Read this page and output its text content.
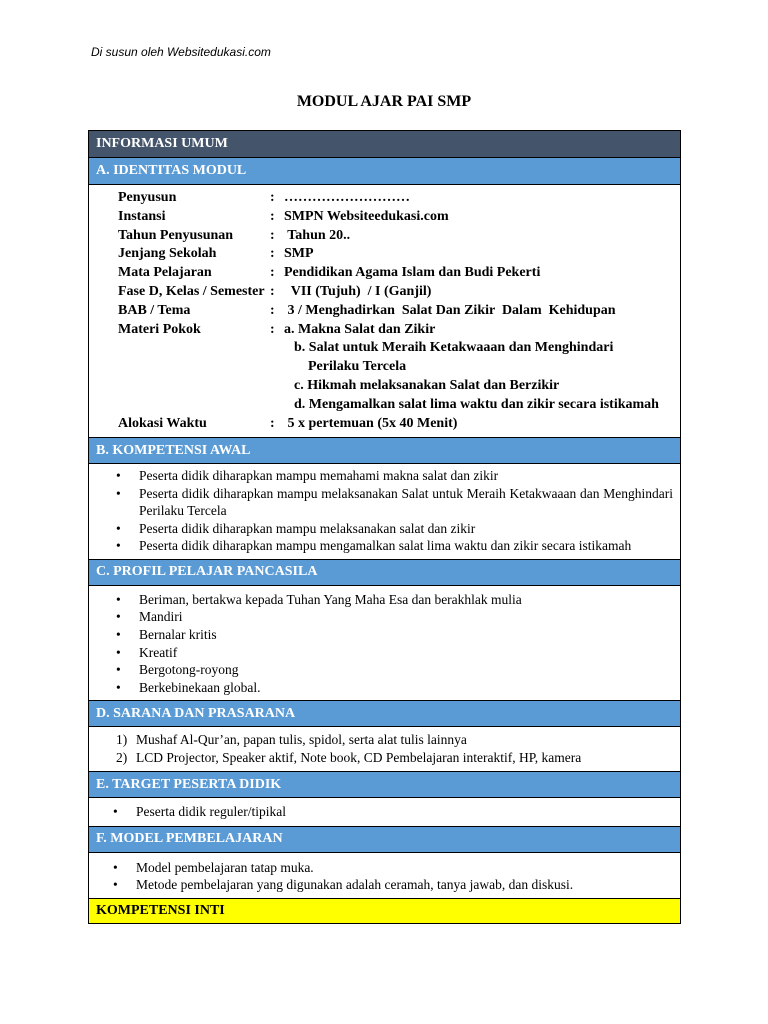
Di susun oleh Websitedukasi.com
MODUL AJAR PAI SMP
INFORMASI UMUM
A. IDENTITAS MODUL
Penyusun	: ………………………
Instansi	: SMPN Websiteedukasi.com
Tahun Penyusunan	: Tahun 20..
Jenjang Sekolah	: SMP
Mata Pelajaran	: Pendidikan Agama Islam dan Budi Pekerti
Fase D, Kelas / Semester : VII (Tujuh)  / I (Ganjil)
BAB / Tema	: 3 / Menghadirkan  Salat Dan Zikir  Dalam  Kehidupan
Materi Pokok	: a. Makna Salat dan Zikir
b. Salat untuk Meraih Ketakwaaan dan Menghindari
Perilaku Tercela
c. Hikmah melaksanakan Salat dan Berzikir
d. Mengamalkan salat lima waktu dan zikir secara istikamah
Alokasi Waktu	: 5 x pertemuan (5x 40 Menit)
B. KOMPETENSI AWAL
• Peserta didik diharapkan mampu memahami makna salat dan zikir
• Peserta didik diharapkan mampu melaksanakan Salat untuk Meraih Ketakwaaan dan Menghindari Perilaku Tercela
• Peserta didik diharapkan mampu melaksanakan salat dan zikir
• Peserta didik diharapkan mampu mengamalkan salat lima waktu dan zikir secara istikamah
C. PROFIL PELAJAR PANCASILA
• Beriman, bertakwa kepada Tuhan Yang Maha Esa dan berakhlak mulia
• Mandiri
• Bernalar kritis
• Kreatif
• Bergotong-royong
• Berkebinekaan global.
D. SARANA DAN PRASARANA
1) Mushaf Al-Qur’an, papan tulis, spidol, serta alat tulis lainnya
2) LCD Projector, Speaker aktif, Note book, CD Pembelajaran interaktif, HP, kamera
E. TARGET PESERTA DIDIK
• Peserta didik reguler/tipikal
F. MODEL PEMBELAJARAN
• Model pembelajaran tatap muka.
• Metode pembelajaran yang digunakan adalah ceramah, tanya jawab, dan diskusi.
KOMPETENSI INTI
